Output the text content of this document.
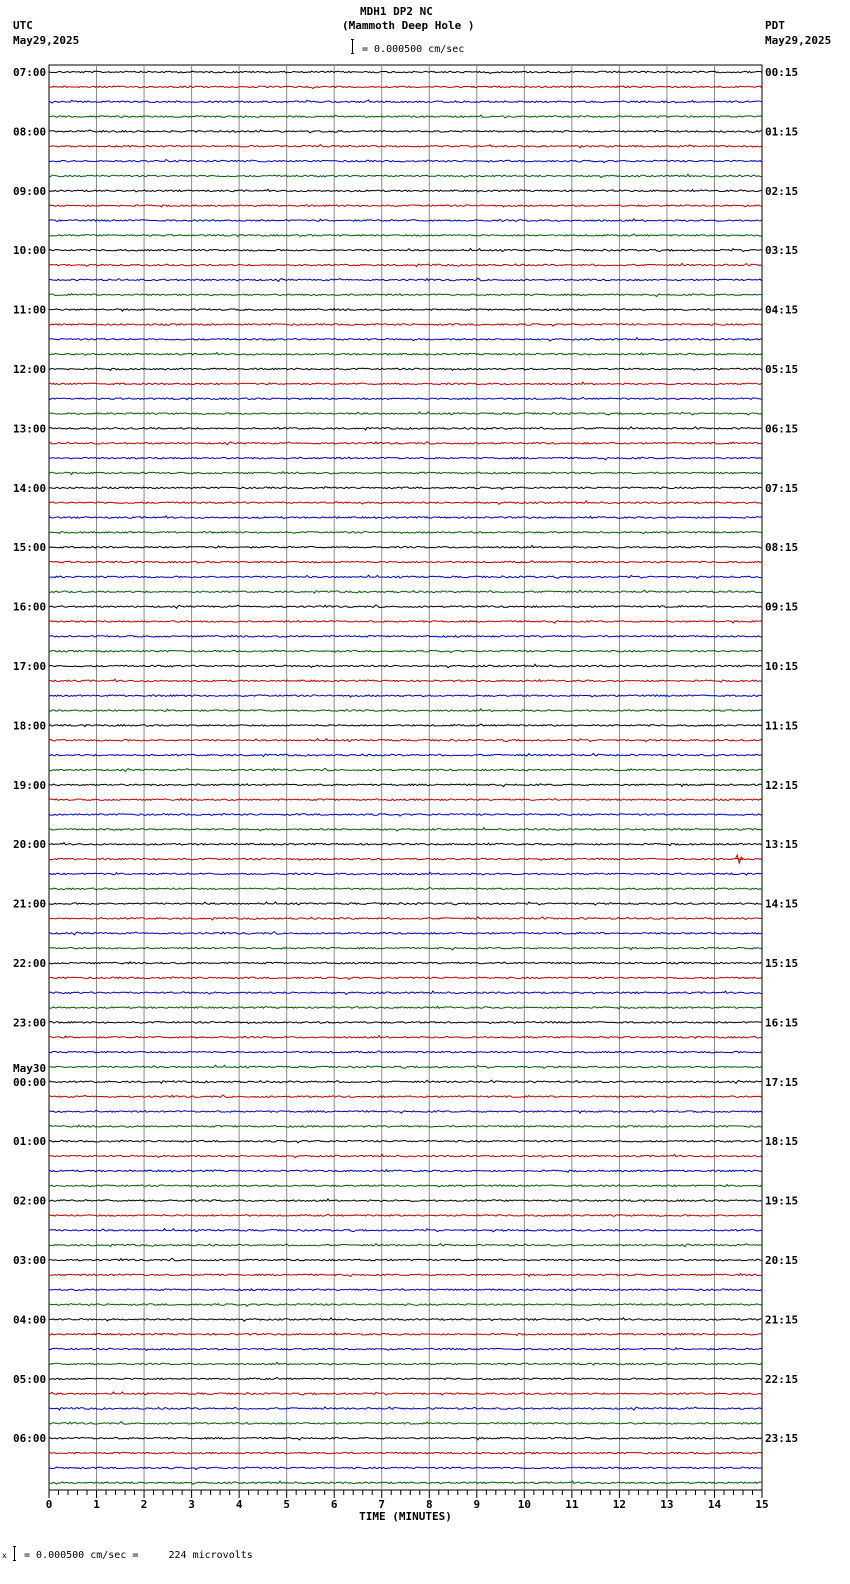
MDH1 DP2 NC
(Mammoth Deep Hole )
= 0.000500 cm/sec
UTC
May29,2025
PDT
May29,2025
07:00	00:15
08:00	01:15
09:00	02:15
10:00	03:15
11:00	04:15
12:00	05:15
13:00	06:15
14:00	07:15
15:00	08:15
16:00	09:15
17:00	10:15
18:00	11:15
19:00	12:15
20:00	13:15
21:00	14:15
22:00	15:15
23:00	16:15
00:00	17:15
May30
01:00	18:15
02:00	19:15
03:00	20:15
04:00	21:15
05:00	22:15
06:00	23:15
0	1	2	3	4	5	6	7	8	9	10	11	12	13	14	15
TIME (MINUTES)
x = 0.000500 cm/sec =     224 microvolts
